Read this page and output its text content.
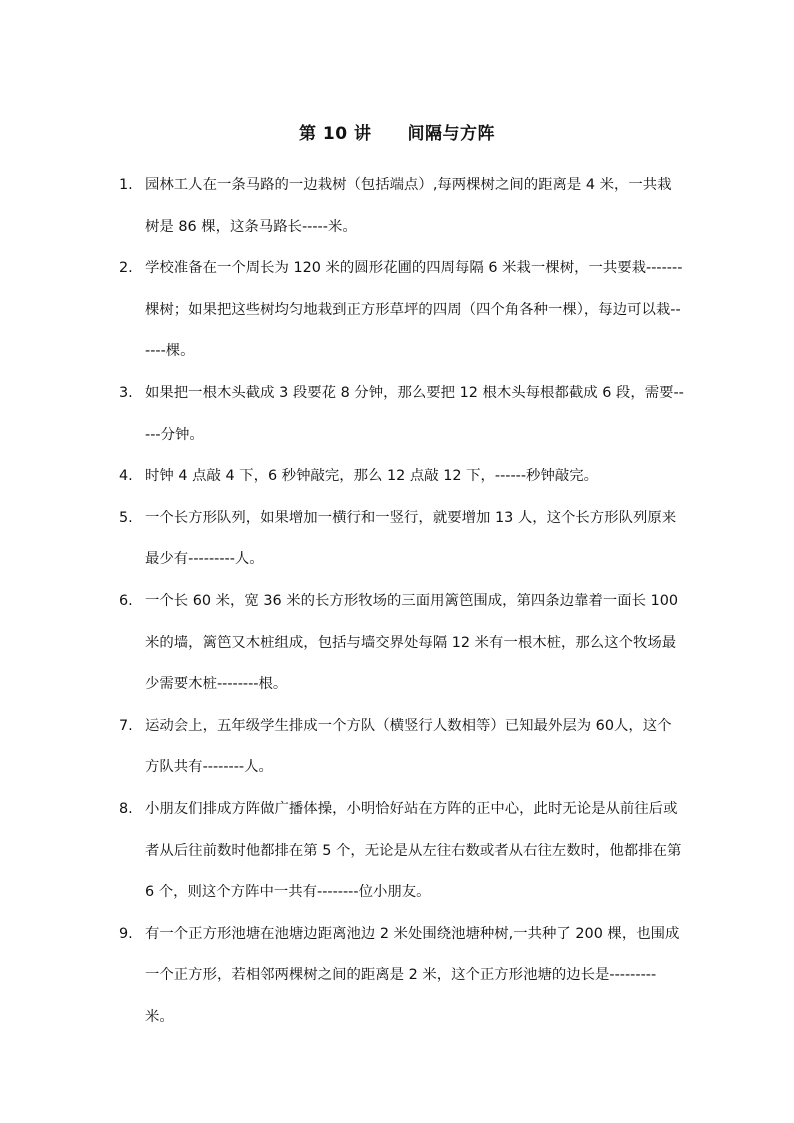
第 10 讲 间隔与方阵
1. 园林工人在一条马路的一边栽树（包括端点）,每两棵树之间的距离是 4 米，一共栽树是 86 棵，这条马路长-----米。
2. 学校准备在一个周长为 120 米的圆形花圃的四周每隔 6 米栽一棵树，一共要栽-------棵树；如果把这些树均匀地栽到正方形草坪的四周（四个角各种一棵），每边可以栽------棵。
3. 如果把一根木头截成 3 段要花 8 分钟，那么要把 12 根木头每根都截成 6 段，需要-----分钟。
4. 时钟 4 点敲 4 下，6 秒钟敲完，那么 12 点敲 12 下，------秒钟敲完。
5. 一个长方形队列，如果增加一横行和一竖行，就要增加 13 人，这个长方形队列原来最少有---------人。
6. 一个长 60 米，宽 36 米的长方形牧场的三面用篱笆围成，第四条边靠着一面长 100 米的墙，篱笆又木桩组成，包括与墙交界处每隔 12 米有一根木桩，那么这个牧场最少需要木桩--------根。
7. 运动会上，五年级学生排成一个方队（横竖行人数相等）已知最外层为 60人，这个方队共有--------人。
8. 小朋友们排成方阵做广播体操，小明恰好站在方阵的正中心，此时无论是从前往后或者从后往前数时他都排在第 5 个，无论是从左往右数或者从右往左数时，他都排在第 6 个，则这个方阵中一共有--------位小朋友。
9. 有一个正方形池塘在池塘边距离池边 2 米处围绕池塘种树,一共种了 200 棵，也围成一个正方形，若相邻两棵树之间的距离是 2 米，这个正方形池塘的边长是---------米。
